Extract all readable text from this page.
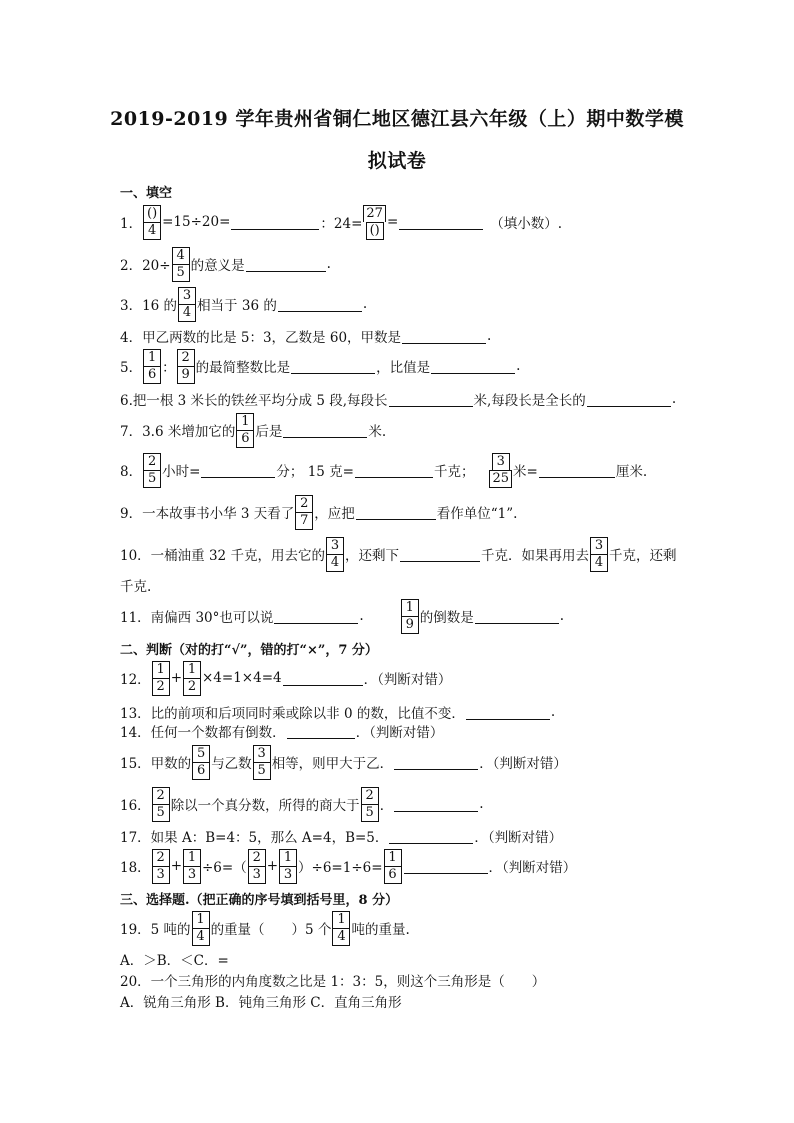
2019-2019 学年贵州省铜仁地区德江县六年级（上）期中数学模
拟试卷
一、填空
1． $\frac{()}{4} =15\div 20=$	：$24= \frac{27}{()}$ =	（填小数）.
2．$20\div \frac{4}{5}$ 的意义是	.
3．16 的 $\frac{3}{4}$ 相当于 36 的	.
4．甲乙两数的比是 5：3，乙数是 60，甲数是	.
5． $\frac{1}{6}$ ： $\frac{2}{9}$ 的最简整数比是	，比值是	.
6.把一根 3 米长的铁丝平均分成 5 段,每段长	米,每段长是全长的	.
7．3.6 米增加它的 $\frac{1}{6}$ 后是	米.
8． $\frac{2}{5}$ 小时=	分； 15 克=	千克； $\frac{3}{25}$ 米=	厘米.
9．一本故事书小华 3 天看了 $\frac{2}{7}$ ，应把	看作单位“1”.
10．一桶油重 32 千克，用去它的 $\frac{3}{4}$ ，还剩下	千克．如果再用去 $\frac{3}{4}$ 千克，还剩
千克.
11．南偏西 30°也可以说	.	$\frac{1}{9}$ 的倒数是	.
二、判断（对的打“√”，错的打“×”，7 分）
12． $\frac{1}{2} + \frac{1}{2} \times 4=1\times 4=4$	．（判断对错）
13．比的前项和后项同时乘或除以非 0 的数，比值不变．	.
14．任何一个数都有倒数．	．（判断对错）
15．甲数的 $\frac{5}{6}$ 与乙数 $\frac{3}{5}$ 相等，则甲大于乙．	．（判断对错）
16． $\frac{2}{5}$ 除以一个真分数，所得的商大于 $\frac{2}{5}$ ．	.
17．如果 A：B=4：5，那么 A=4，B=5．	．（判断对错）
18． $\frac{2}{3} + \frac{1}{3} \div 6=( \frac{2}{3} + \frac{1}{3} )\div 6=1\div 6= \frac{1}{6}$	．（判断对错）
三、选择题.（把正确的序号填到括号里，8 分）
19．5 吨的 $\frac{1}{4}$ 的重量（　　）5 个 $\frac{1}{4}$ 吨的重量.
A．＞B．＜C．=
20．一个三角形的内角度数之比是 1：3：5，则这个三角形是（　　）
A．锐角三角形 B．钝角三角形 C．直角三角形
